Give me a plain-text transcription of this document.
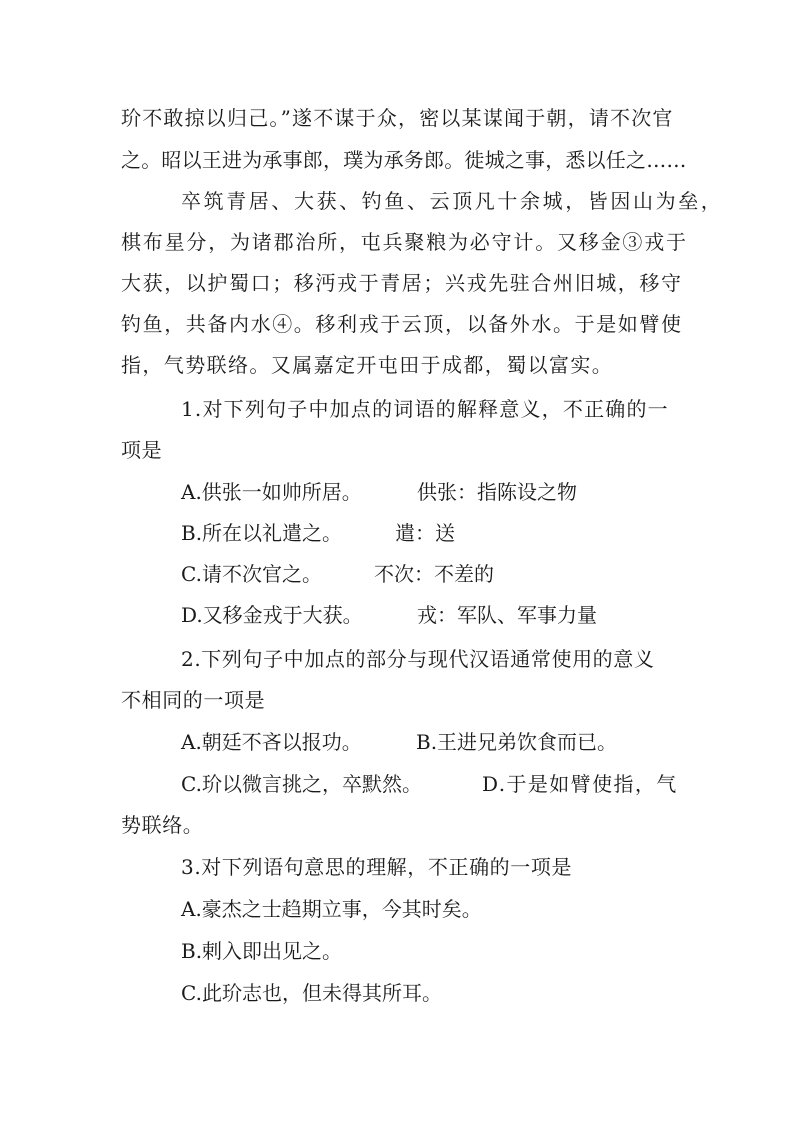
玠不敢掠以归己。”遂不谋于众，密以某谋闻于朝，请不次官
之。昭以王进为承事郎，璞为承务郎。徙城之事，悉以任之……
卒筑青居、大获、钓鱼、云顶凡十余城，皆因山为垒，
棋布星分，为诸郡治所，屯兵聚粮为必守计。又移金③戎于
大获，以护蜀口；移沔戎于青居；兴戎先驻合州旧城，移守
钓鱼，共备内水④。移利戎于云顶，以备外水。于是如臂使
指，气势联络。又属嘉定开屯田于成都，蜀以富实。
1.对下列句子中加点的词语的解释意义，不正确的一
项是
A.供张一如帅所居。	供张：指陈设之物
B.所在以礼遣之。	遣：送
C.请不次官之。	不次：不差的
D.又移金戎于大获。	戎：军队、军事力量
2.下列句子中加点的部分与现代汉语通常使用的意义
不相同的一项是
A.朝廷不吝以报功。	B.王进兄弟饮食而已。
C.玠以微言挑之，卒默然。	D.于是如臂使指，气
势联络。
3.对下列语句意思的理解，不正确的一项是
A.豪杰之士趋期立事，今其时矣。
B.剌入即出见之。
C.此玠志也，但未得其所耳。
